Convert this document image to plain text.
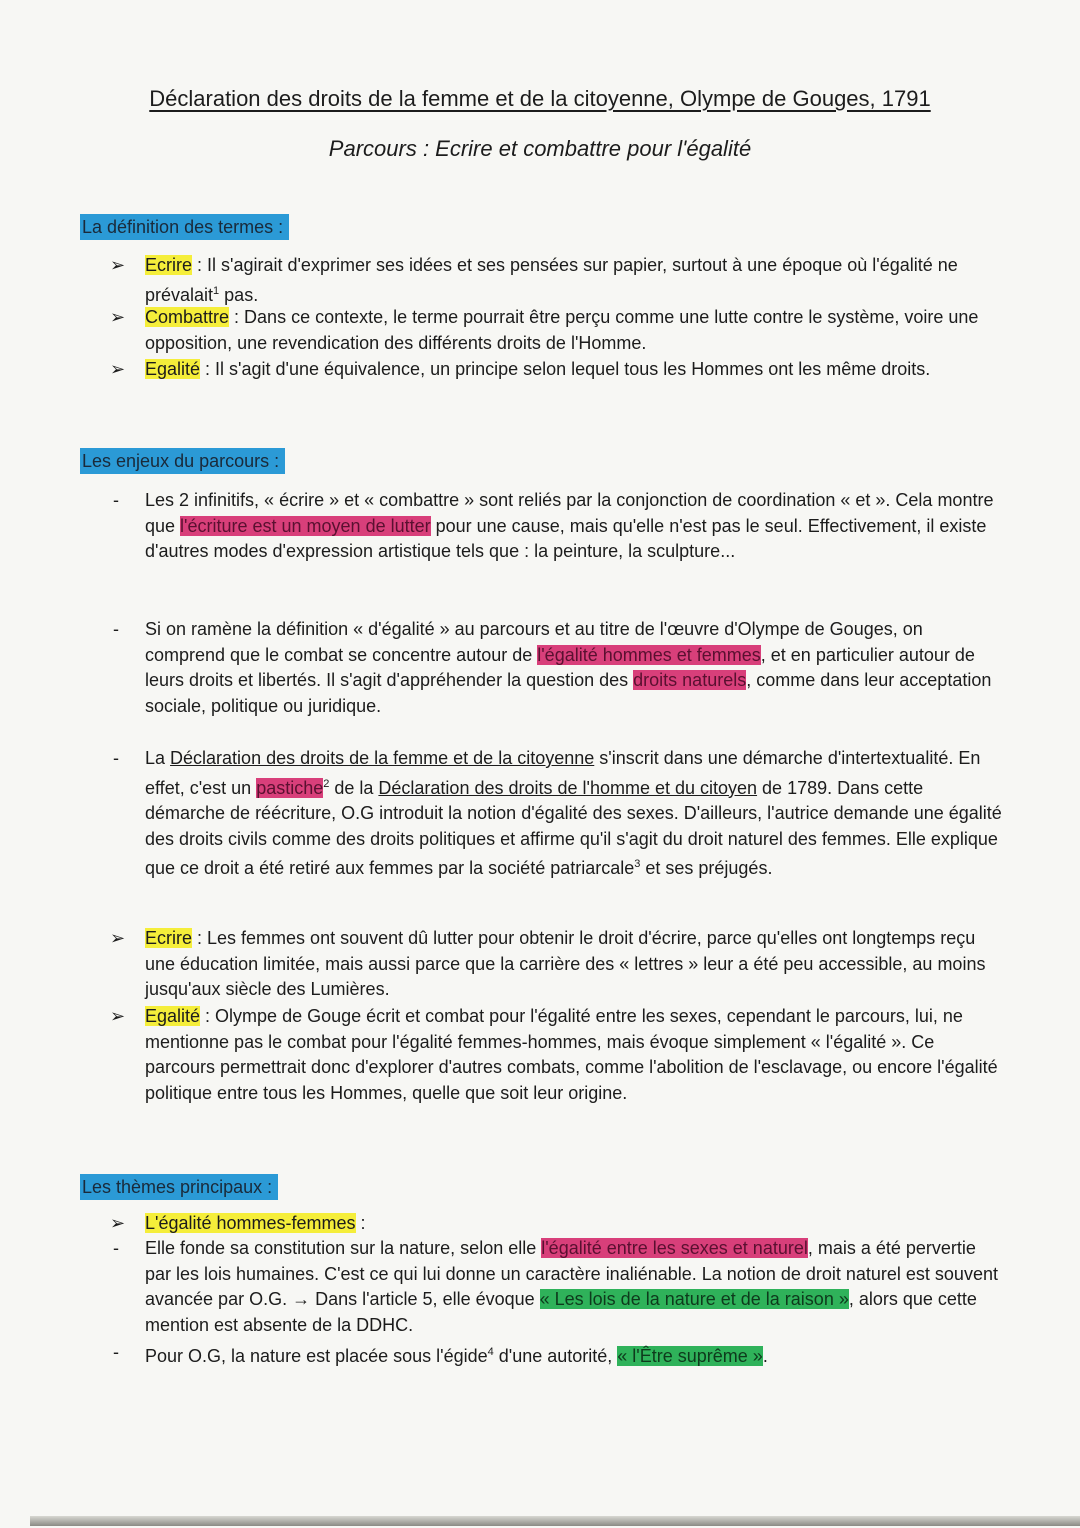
Déclaration des droits de la femme et de la citoyenne, Olympe de Gouges, 1791
Parcours : Ecrire et combattre pour l'égalité
La définition des termes :
➢ Ecrire : Il s'agirait d'exprimer ses idées et ses pensées sur papier, surtout à une époque où l'égalité ne prévalait$^1$ pas.
➢ Combattre : Dans ce contexte, le terme pourrait être perçu comme une lutte contre le système, voire une opposition, une revendication des différents droits de l'Homme.
➢ Egalité : Il s'agit d'une équivalence, un principe selon lequel tous les Hommes ont les même droits.
Les enjeux du parcours :
- Les 2 infinitifs, « écrire » et « combattre » sont reliés par la conjonction de coordination « et ». Cela montre que l'écriture est un moyen de lutter pour une cause, mais qu'elle n'est pas le seul. Effectivement, il existe d'autres modes d'expression artistique tels que : la peinture, la sculpture...
- Si on ramène la définition « d'égalité » au parcours et au titre de l'œuvre d'Olympe de Gouges, on comprend que le combat se concentre autour de l'égalité hommes et femmes, et en particulier autour de leurs droits et libertés. Il s'agit d'appréhender la question des droits naturels, comme dans leur acceptation sociale, politique ou juridique.
- La Déclaration des droits de la femme et de la citoyenne s'inscrit dans une démarche d'intertextualité. En effet, c'est un pastiche$^2$ de la Déclaration des droits de l'homme et du citoyen de 1789. Dans cette démarche de réécriture, O.G introduit la notion d'égalité des sexes. D'ailleurs, l'autrice demande une égalité des droits civils comme des droits politiques et affirme qu'il s'agit du droit naturel des femmes. Elle explique que ce droit a été retiré aux femmes par la société patriarcale$^3$ et ses préjugés.
➢ Ecrire : Les femmes ont souvent dû lutter pour obtenir le droit d'écrire, parce qu'elles ont longtemps reçu une éducation limitée, mais aussi parce que la carrière des « lettres » leur a été peu accessible, au moins jusqu'aux siècle des Lumières.
➢ Egalité : Olympe de Gouge écrit et combat pour l'égalité entre les sexes, cependant le parcours, lui, ne mentionne pas le combat pour l'égalité femmes-hommes, mais évoque simplement « l'égalité ». Ce parcours permettrait donc d'explorer d'autres combats, comme l'abolition de l'esclavage, ou encore l'égalité politique entre tous les Hommes, quelle que soit leur origine.
Les thèmes principaux :
➢ L'égalité hommes-femmes :
- Elle fonde sa constitution sur la nature, selon elle l'égalité entre les sexes et naturel, mais a été pervertie par les lois humaines. C'est ce qui lui donne un caractère inaliénable. La notion de droit naturel est souvent avancée par O.G. → Dans l'article 5, elle évoque « Les lois de la nature et de la raison », alors que cette mention est absente de la DDHC.
- Pour O.G, la nature est placée sous l'égide$^4$ d'une autorité, « l'Être suprême ».
